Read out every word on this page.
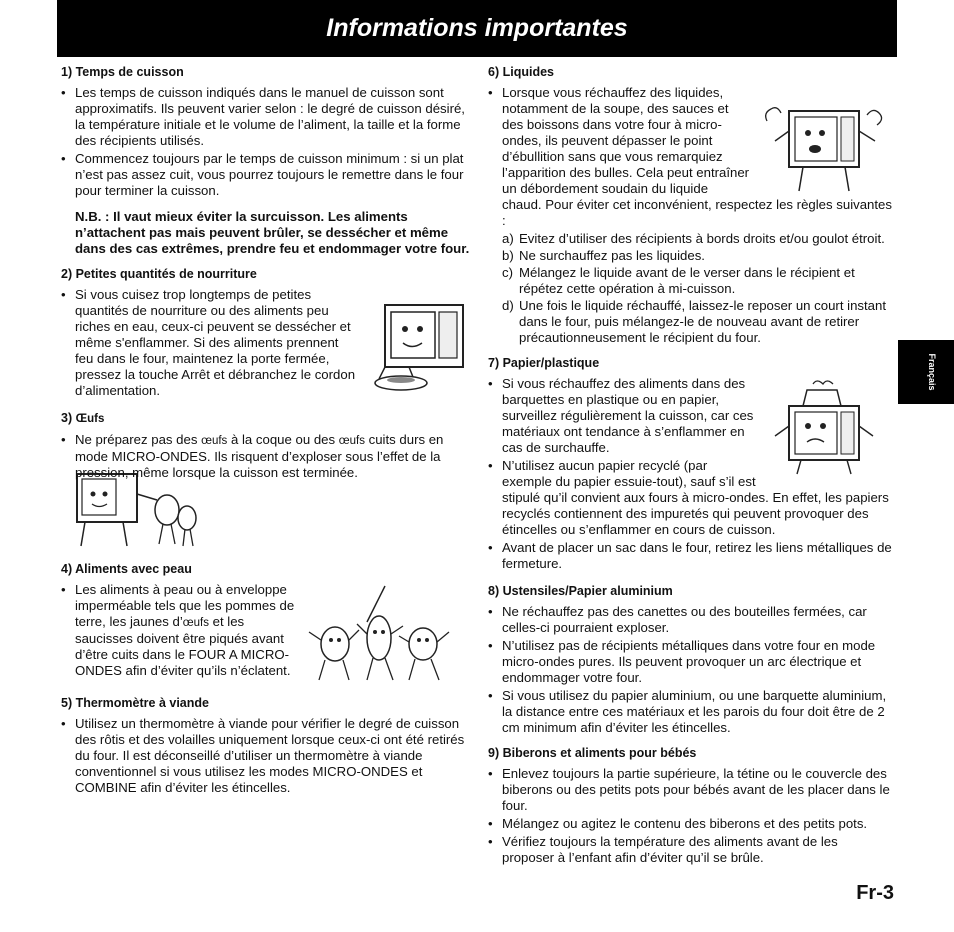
Informations importantes
Français

1) Temps de cuisson

• Les temps de cuisson indiqués dans le manuel de cuisson sont approximatifs. Ils peuvent varier selon : le degré de cuisson désiré, la température initiale et le volume de l’aliment, la taille et la forme des récipients utilisés.

• Commencez toujours par le temps de cuisson minimum : si un plat n’est pas assez cuit, vous pourrez toujours le remettre dans le four pour terminer la cuisson.

N.B. : Il vaut mieux éviter la surcuisson. Les aliments n’attachent pas mais peuvent brûler, se dessécher et même dans des cas extrêmes, prendre feu et endommager votre four.

2) Petites quantités de nourriture

• Si vous cuisez trop longtemps de petites quantités de nourriture ou des aliments peu riches en eau, ceux-ci peuvent se dessécher et même s'enflammer. Si des aliments prennent feu dans le four, maintenez la porte fermée, pressez la touche Arrêt et débranchez le cordon d’alimentation.

3) Œufs

• Ne préparez pas des œufs à la coque ou des œufs cuits durs en mode MICRO-ONDES. Ils risquent d’exploser sous l’effet de la pression, même lorsque la cuisson est terminée.

4) Aliments avec peau

• Les aliments à peau ou à enveloppe imperméable tels que les pommes de terre, les jaunes d’œufs et les saucisses doivent être piqués avant d’être cuits dans le FOUR A MICRO-ONDES afin d’éviter qu’ils n’éclatent.

5) Thermomètre à viande

• Utilisez un thermomètre à viande pour vérifier le degré de cuisson des rôtis et des volailles uniquement lorsque ceux-ci ont été retirés du four. Il est déconseillé d’utiliser un thermomètre à viande conventionnel si vous utilisez les modes MICRO-ONDES et COMBINE afin d’éviter les étincelles.

6) Liquides

• Lorsque vous réchauffez des liquides, notamment de la soupe, des sauces et des boissons dans votre four à micro-ondes, ils peuvent dépasser le point d’ébullition sans que vous remarquiez l’apparition des bulles. Cela peut entraîner un débordement soudain du liquide chaud. Pour éviter cet inconvénient, respectez les règles suivantes :

a) Evitez d’utiliser des récipients à bords droits et/ou goulot étroit.

b) Ne surchauffez pas les liquides.

c) Mélangez le liquide avant de le verser dans le récipient et répétez cette opération à mi-cuisson.

d) Une fois le liquide réchauffé, laissez-le reposer un court instant dans le four, puis mélangez-le de nouveau avant de retirer précautionneusement le récipient du four.

7) Papier/plastique

• Si vous réchauffez des aliments dans des barquettes en plastique ou en papier, surveillez régulièrement la cuisson, car ces matériaux ont tendance à s’enflammer en cas de surchauffe.

• N’utilisez aucun papier recyclé (par exemple du papier essuie-tout), sauf s’il est stipulé qu’il convient aux fours à micro-ondes. En effet, les papiers recyclés contiennent des impuretés qui peuvent provoquer des étincelles ou s’enflammer en cours de cuisson.

• Avant de placer un sac dans le four, retirez les liens métalliques de fermeture.

8) Ustensiles/Papier aluminium

• Ne réchauffez pas des canettes ou des bouteilles fermées, car celles-ci pourraient exploser.

• N’utilisez pas de récipients métalliques dans votre four en mode micro-ondes pures. Ils peuvent provoquer un arc électrique et endommager votre four.

• Si vous utilisez du papier aluminium, ou une barquette aluminium, la distance entre ces matériaux et les parois du four doit être de 2 cm minimum afin d’éviter les étincelles.

9) Biberons et aliments pour bébés

• Enlevez toujours la partie supérieure, la tétine ou le couvercle des biberons ou des petits pots pour bébés avant de les placer dans le four.

• Mélangez ou agitez le contenu des biberons et des petits pots.

• Vérifiez toujours la température des aliments avant de les proposer à l’enfant afin d’éviter qu’il se brûle.

Fr-3
